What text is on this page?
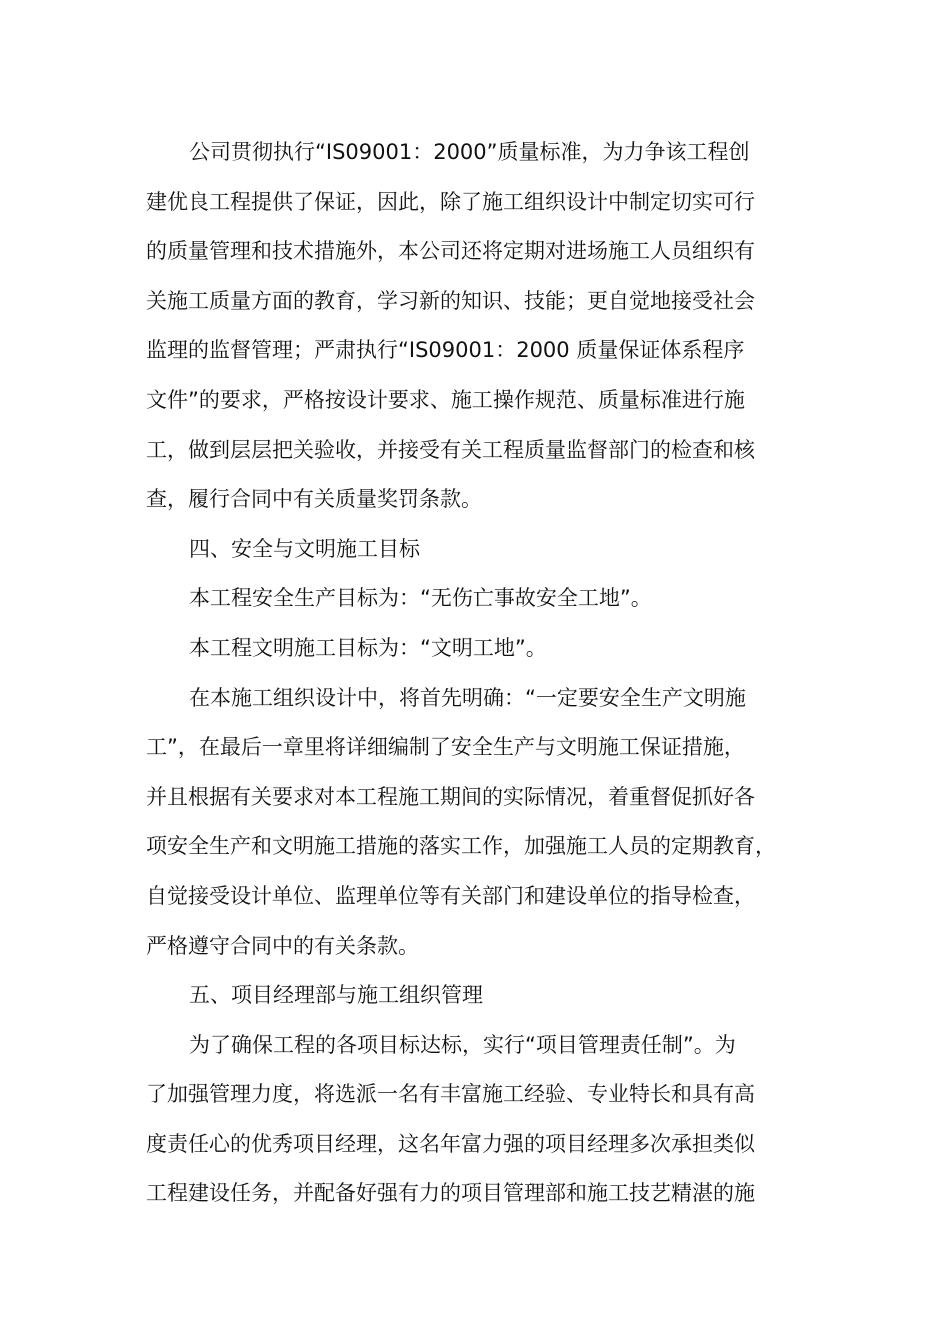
公司贯彻执行“IS09001：2000”质量标准，为力争该工程创
建优良工程提供了保证，因此，除了施工组织设计中制定切实可行
的质量管理和技术措施外，本公司还将定期对进场施工人员组织有
关施工质量方面的教育，学习新的知识、技能；更自觉地接受社会
监理的监督管理；严肃执行“IS09001：2000 质量保证体系程序
文件”的要求，严格按设计要求、施工操作规范、质量标准进行施
工，做到层层把关验收，并接受有关工程质量监督部门的检查和核
查，履行合同中有关质量奖罚条款。
四、安全与文明施工目标
本工程安全生产目标为：“无伤亡事故安全工地”。
本工程文明施工目标为：“文明工地”。
在本施工组织设计中，将首先明确：“一定要安全生产文明施
工”，在最后一章里将详细编制了安全生产与文明施工保证措施，
并且根据有关要求对本工程施工期间的实际情况，着重督促抓好各
项安全生产和文明施工措施的落实工作，加强施工人员的定期教育，
自觉接受设计单位、监理单位等有关部门和建设单位的指导检查，
严格遵守合同中的有关条款。
五、项目经理部与施工组织管理
为了确保工程的各项目标达标，实行“项目管理责任制”。为
了加强管理力度，将选派一名有丰富施工经验、专业特长和具有高
度责任心的优秀项目经理，这名年富力强的项目经理多次承担类似
工程建设任务，并配备好强有力的项目管理部和施工技艺精湛的施
